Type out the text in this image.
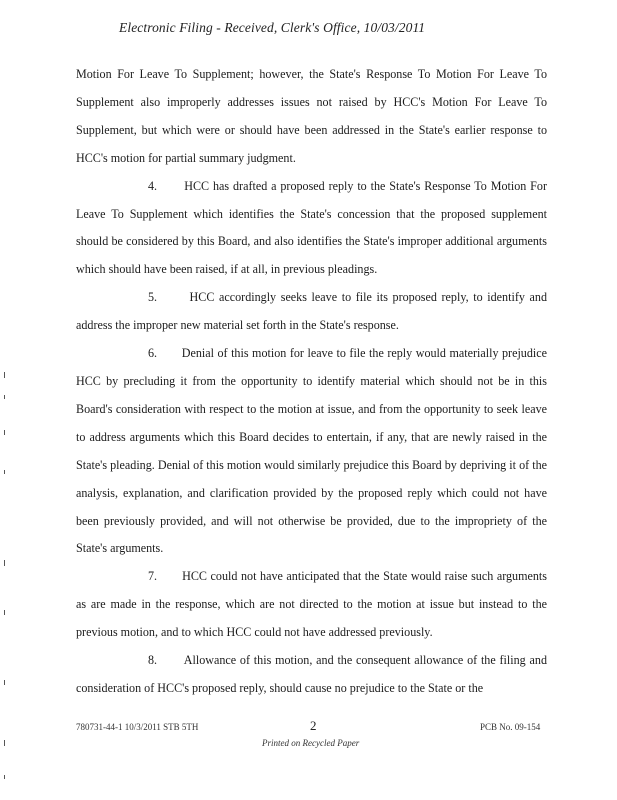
Electronic Filing - Received, Clerk's Office, 10/03/2011

Motion For Leave To Supplement; however, the State's Response To Motion For Leave To Supplement also improperly addresses issues not raised by HCC's Motion For Leave To Supplement, but which were or should have been addressed in the State's earlier response to HCC's motion for partial summary judgment.

4. HCC has drafted a proposed reply to the State's Response To Motion For Leave To Supplement which identifies the State's concession that the proposed supplement should be considered by this Board, and also identifies the State's improper additional arguments which should have been raised, if at all, in previous pleadings.

5.	HCC accordingly seeks leave to file its proposed reply, to identify and address the improper new material set forth in the State's response.

6. Denial of this motion for leave to file the reply would materially prejudice HCC by precluding it from the opportunity to identify material which should not be in this Board's consideration with respect to the motion at issue, and from the opportunity to seek leave to address arguments which this Board decides to entertain, if any, that are newly raised in the State's pleading. Denial of this motion would similarly prejudice this Board by depriving it of the analysis, explanation, and clarification provided by the proposed reply which could not have been previously provided, and will not otherwise be provided, due to the impropriety of the State's arguments.

7. HCC could not have anticipated that the State would raise such arguments as are made in the response, which are not directed to the motion at issue but instead to the previous motion, and to which HCC could not have addressed previously.

8. Allowance of this motion, and the consequent allowance of the filing and consideration of HCC's proposed reply, should cause no prejudice to the State or the

780731-44-1 10/3/2011 STB 5TH	2	PCB No. 09-154
Printed on Recycled Paper
